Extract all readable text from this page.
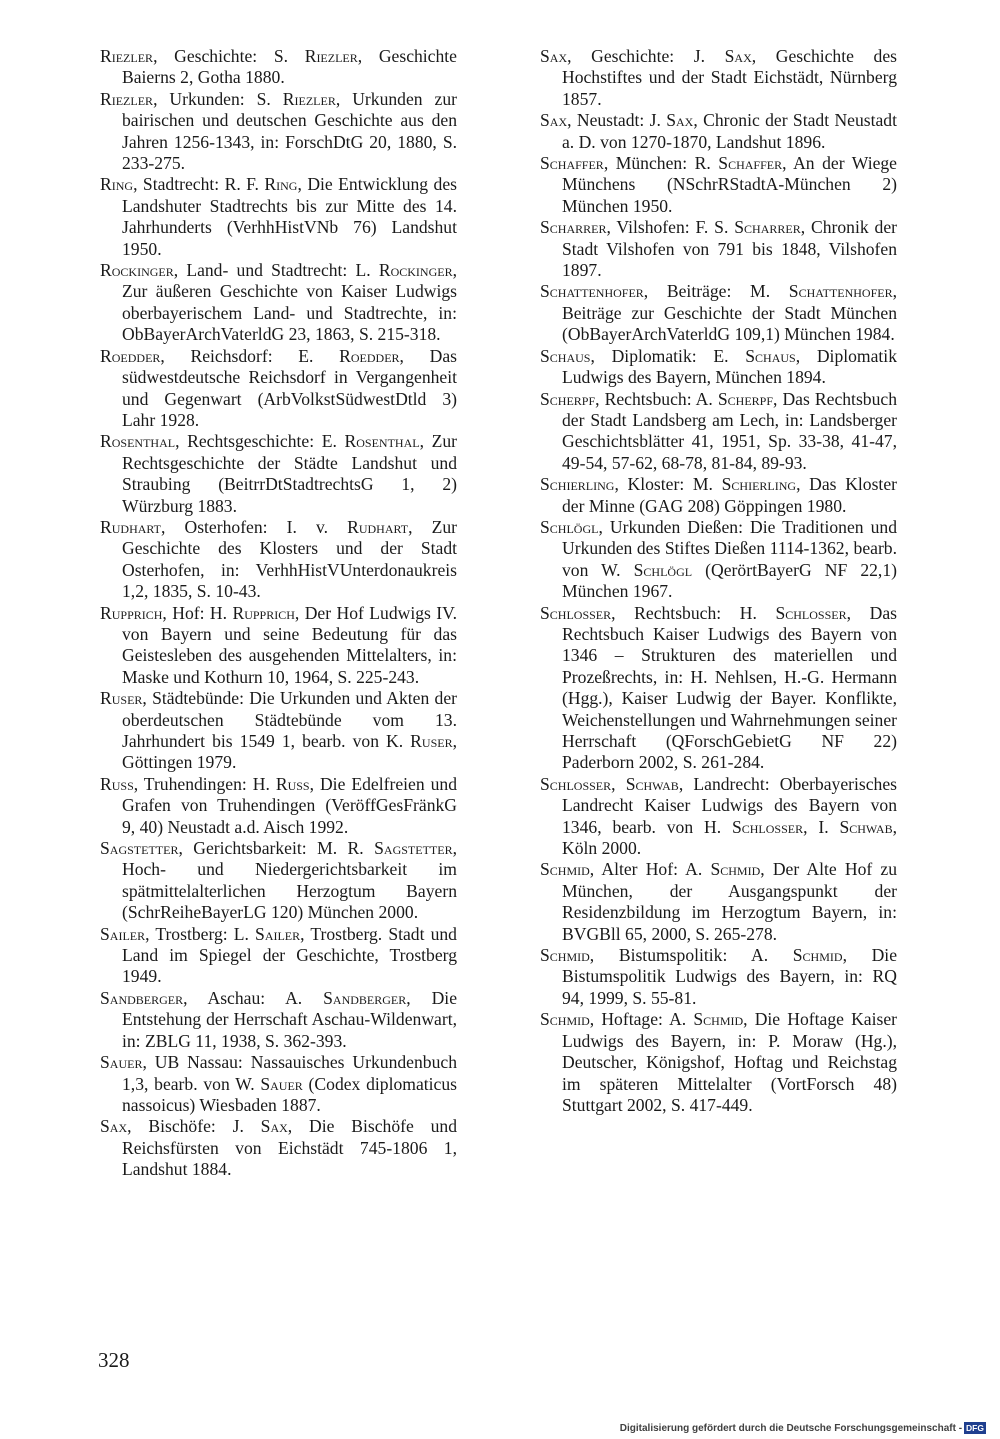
Riezler, Geschichte: S. Riezler, Geschichte Baierns 2, Gotha 1880.

Riezler, Urkunden: S. Riezler, Urkunden zur bairischen und deutschen Geschichte aus den Jahren 1256-1343, in: ForschDtG 20, 1880, S. 233-275.

Ring, Stadtrecht: R. F. Ring, Die Entwicklung des Landshuter Stadtrechts bis zur Mitte des 14. Jahrhunderts (VerhhHistVNb 76) Landshut 1950.

Rockinger, Land- und Stadtrecht: L. Rockinger, Zur äußeren Geschichte von Kaiser Ludwigs oberbayerischem Land- und Stadtrechte, in: ObBayerArchVaterldG 23, 1863, S. 215-318.

Roedder, Reichsdorf: E. Roedder, Das südwestdeutsche Reichsdorf in Vergangenheit und Gegenwart (ArbVolkstSüdwestDtld 3) Lahr 1928.

Rosenthal, Rechtsgeschichte: E. Rosenthal, Zur Rechtsgeschichte der Städte Landshut und Straubing (BeitrrDtStadtrechtsG 1, 2) Würzburg 1883.

Rudhart, Osterhofen: I. v. Rudhart, Zur Geschichte des Klosters und der Stadt Osterhofen, in: VerhhHistVUnterdonaukreis 1,2, 1835, S. 10-43.

Rupprich, Hof: H. Rupprich, Der Hof Ludwigs IV. von Bayern und seine Bedeutung für das Geistesleben des ausgehenden Mittelalters, in: Maske und Kothurn 10, 1964, S. 225-243.

Ruser, Städtebünde: Die Urkunden und Akten der oberdeutschen Städtebünde vom 13. Jahrhundert bis 1549 1, bearb. von K. Ruser, Göttingen 1979.

Russ, Truhendingen: H. Russ, Die Edelfreien und Grafen von Truhendingen (VeröffGesFränkG 9, 40) Neustadt a.d. Aisch 1992.

Sagstetter, Gerichtsbarkeit: M. R. Sagstetter, Hoch- und Niedergerichtsbarkeit im spätmittelalterlichen Herzogtum Bayern (SchrReiheBayerLG 120) München 2000.

Sailer, Trostberg: L. Sailer, Trostberg. Stadt und Land im Spiegel der Geschichte, Trostberg 1949.

Sandberger, Aschau: A. Sandberger, Die Entstehung der Herrschaft Aschau-Wildenwart, in: ZBLG 11, 1938, S. 362-393.

Sauer, UB Nassau: Nassauisches Urkundenbuch 1,3, bearb. von W. Sauer (Codex diplomaticus nassoicus) Wiesbaden 1887.

Sax, Bischöfe: J. Sax, Die Bischöfe und Reichsfürsten von Eichstädt 745-1806 1, Landshut 1884.

Sax, Geschichte: J. Sax, Geschichte des Hochstiftes und der Stadt Eichstädt, Nürnberg 1857.

Sax, Neustadt: J. Sax, Chronic der Stadt Neustadt a. D. von 1270-1870, Landshut 1896.

Schaffer, München: R. Schaffer, An der Wiege Münchens (NSchrRStadtA-München 2) München 1950.

Scharrer, Vilshofen: F. S. Scharrer, Chronik der Stadt Vilshofen von 791 bis 1848, Vilshofen 1897.

Schattenhofer, Beiträge: M. Schattenhofer, Beiträge zur Geschichte der Stadt München (ObBayerArchVaterldG 109,1) München 1984.

Schaus, Diplomatik: E. Schaus, Diplomatik Ludwigs des Bayern, München 1894.

Scherpf, Rechtsbuch: A. Scherpf, Das Rechtsbuch der Stadt Landsberg am Lech, in: Landsberger Geschichtsblätter 41, 1951, Sp. 33-38, 41-47, 49-54, 57-62, 68-78, 81-84, 89-93.

Schierling, Kloster: M. Schierling, Das Kloster der Minne (GAG 208) Göppingen 1980.

Schlögl, Urkunden Dießen: Die Traditionen und Urkunden des Stiftes Dießen 1114-1362, bearb. von W. Schlögl (QerörtBayerG NF 22,1) München 1967.

Schlosser, Rechtsbuch: H. Schlosser, Das Rechtsbuch Kaiser Ludwigs des Bayern von 1346 – Strukturen des materiellen und Prozeßrechts, in: H. Nehlsen, H.-G. Hermann (Hgg.), Kaiser Ludwig der Bayer. Konflikte, Weichenstellungen und Wahrnehmungen seiner Herrschaft (QForschGebietG NF 22) Paderborn 2002, S. 261-284.

Schlosser, Schwab, Landrecht: Oberbayerisches Landrecht Kaiser Ludwigs des Bayern von 1346, bearb. von H. Schlosser, I. Schwab, Köln 2000.

Schmid, Alter Hof: A. Schmid, Der Alte Hof zu München, der Ausgangspunkt der Residenzbildung im Herzogtum Bayern, in: BVGBll 65, 2000, S. 265-278.

Schmid, Bistumspolitik: A. Schmid, Die Bistumspolitik Ludwigs des Bayern, in: RQ 94, 1999, S. 55-81.

Schmid, Hoftage: A. Schmid, Die Hoftage Kaiser Ludwigs des Bayern, in: P. Moraw (Hg.), Deutscher, Königshof, Hoftag und Reichstag im späteren Mittelalter (VortForsch 48) Stuttgart 2002, S. 417-449.

328
Digitalisierung gefördert durch die Deutsche Forschungsgemeinschaft - DFG
